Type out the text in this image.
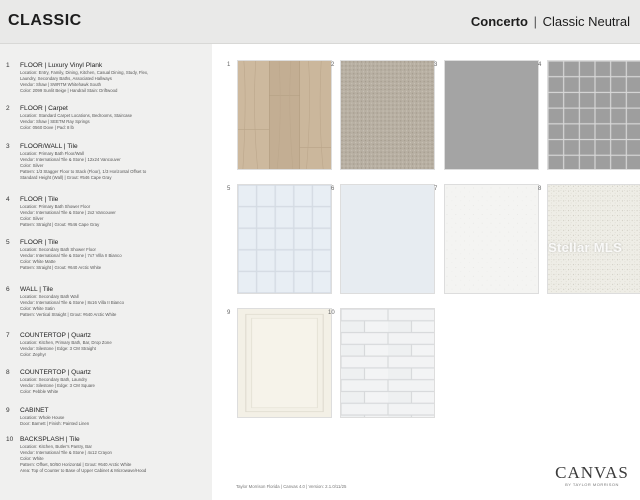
CLASSIC	Concerto | Classic Neutral
1	FLOOR | Luxury Vinyl Plank
Location: Entry, Family, Dining, Kitchen, Casual Dining, Study, Flex,
Laundry, Secondary Baths, Associated Hallways
Vendor: Shaw | SWRTM Whitehawk South
Color: 2099 Sunlit Beige | Handrail Stain: Driftwood
2	FLOOR | Carpet
Location: Standard Carpet Locations, Bedrooms, Staircase
Vendor: Shaw | SEETM Ray Springs
Color: 0560 Dove | Pad: 8 lb
3	FLOOR/WALL | Tile
Location: Primary Bath Floor/Wall
Vendor: International Tile & Stone | 12x24 Vancouver
Color: Silver
Pattern: 1/3 Stagger Floor to Stack (Floor), 1/3 Horizontal Offset to
Standard Height (Wall) | Grout: #546 Cape Gray
4	FLOOR | Tile
Location: Primary Bath Shower Floor
Vendor: International Tile & Stone | 2x2 Vancouver
Color: Silver
Pattern: Straight | Grout: #546 Cape Gray
5	FLOOR | Tile
Location: Secondary Bath Shower Floor
Vendor: International Tile & Stone | 7x7 Villa II Bianco
Color: White Matte
Pattern: Straight | Grout: #640 Arctic White
6	WALL | Tile
Location: Secondary Bath Wall
Vendor: International Tile & Stone | 8x16 Villa II Bianco
Color: White Satin
Pattern: Vertical Straight | Grout: #640 Arctic White
7	COUNTERTOP | Quartz
Location: Kitchen, Primary Bath, Bar, Drop Zone
Vendor: Silestone | Edge: 3 CM Straight
Color: Zephyr
8	COUNTERTOP | Quartz
Location: Secondary Bath, Laundry
Vendor: Silestone | Edge: 3 CM Square
Color: Pebble White
9	CABINET
Location: Whole House
Door: Barnett | Finish: Painted Linen
10	BACKSPLASH | Tile
Location: Kitchen, Butler's Pantry, Bar
Vendor: International Tile & Stone | 4x12 Crayon
Color: White
Pattern: Offset, 50/50 Horizontal | Grout: #640 Arctic White
Area: Top of Counter to Base of Upper Cabinet & Microwave/Hood
1	2	3	4
5	6	7	8
Stellar MLS
9	10
Taylor Morrison Florida | Canvas 4.0 | Version: 2.1.0/11/25
CANVAS
BY TAYLOR MORRISON
